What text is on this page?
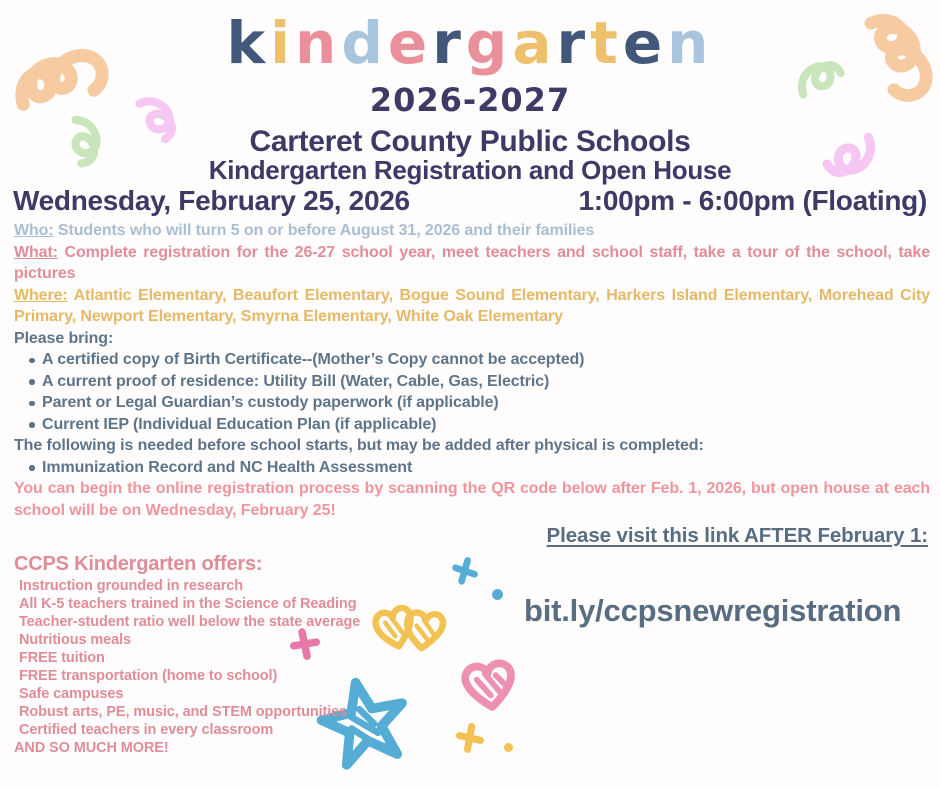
kindergarten
2026-2027
Carteret County Public Schools
Kindergarten Registration and Open House
Wednesday, February 25, 2026	1:00pm - 6:00pm (Floating)
Who: Students who will turn 5 on or before August 31, 2026 and their families
What: Complete registration for the 26-27 school year, meet teachers and school staff, take a tour of the school, take pictures
Where: Atlantic Elementary, Beaufort Elementary, Bogue Sound Elementary, Harkers Island Elementary, Morehead City Primary, Newport Elementary, Smyrna Elementary, White Oak Elementary
Please bring:
A certified copy of Birth Certificate--(Mother’s Copy cannot be accepted)
A current proof of residence: Utility Bill (Water, Cable, Gas, Electric)
Parent or Legal Guardian’s custody paperwork (if applicable)
Current IEP (Individual Education Plan (if applicable)
The following is needed before school starts, but may be added after physical is completed:
Immunization Record and NC Health Assessment
You can begin the online registration process by scanning the QR code below after Feb. 1, 2026, but open house at each school will be on Wednesday, February 25!
Please visit this link AFTER February 1:
CCPS Kindergarten offers:
Instruction grounded in research
All K-5 teachers trained in the Science of Reading
Teacher-student ratio well below the state average
Nutritious meals
FREE tuition
FREE transportation (home to school)
Safe campuses
Robust arts, PE, music, and STEM opportunities
Certified teachers in every classroom
AND SO MUCH MORE!
bit.ly/ccpsnewregistration
